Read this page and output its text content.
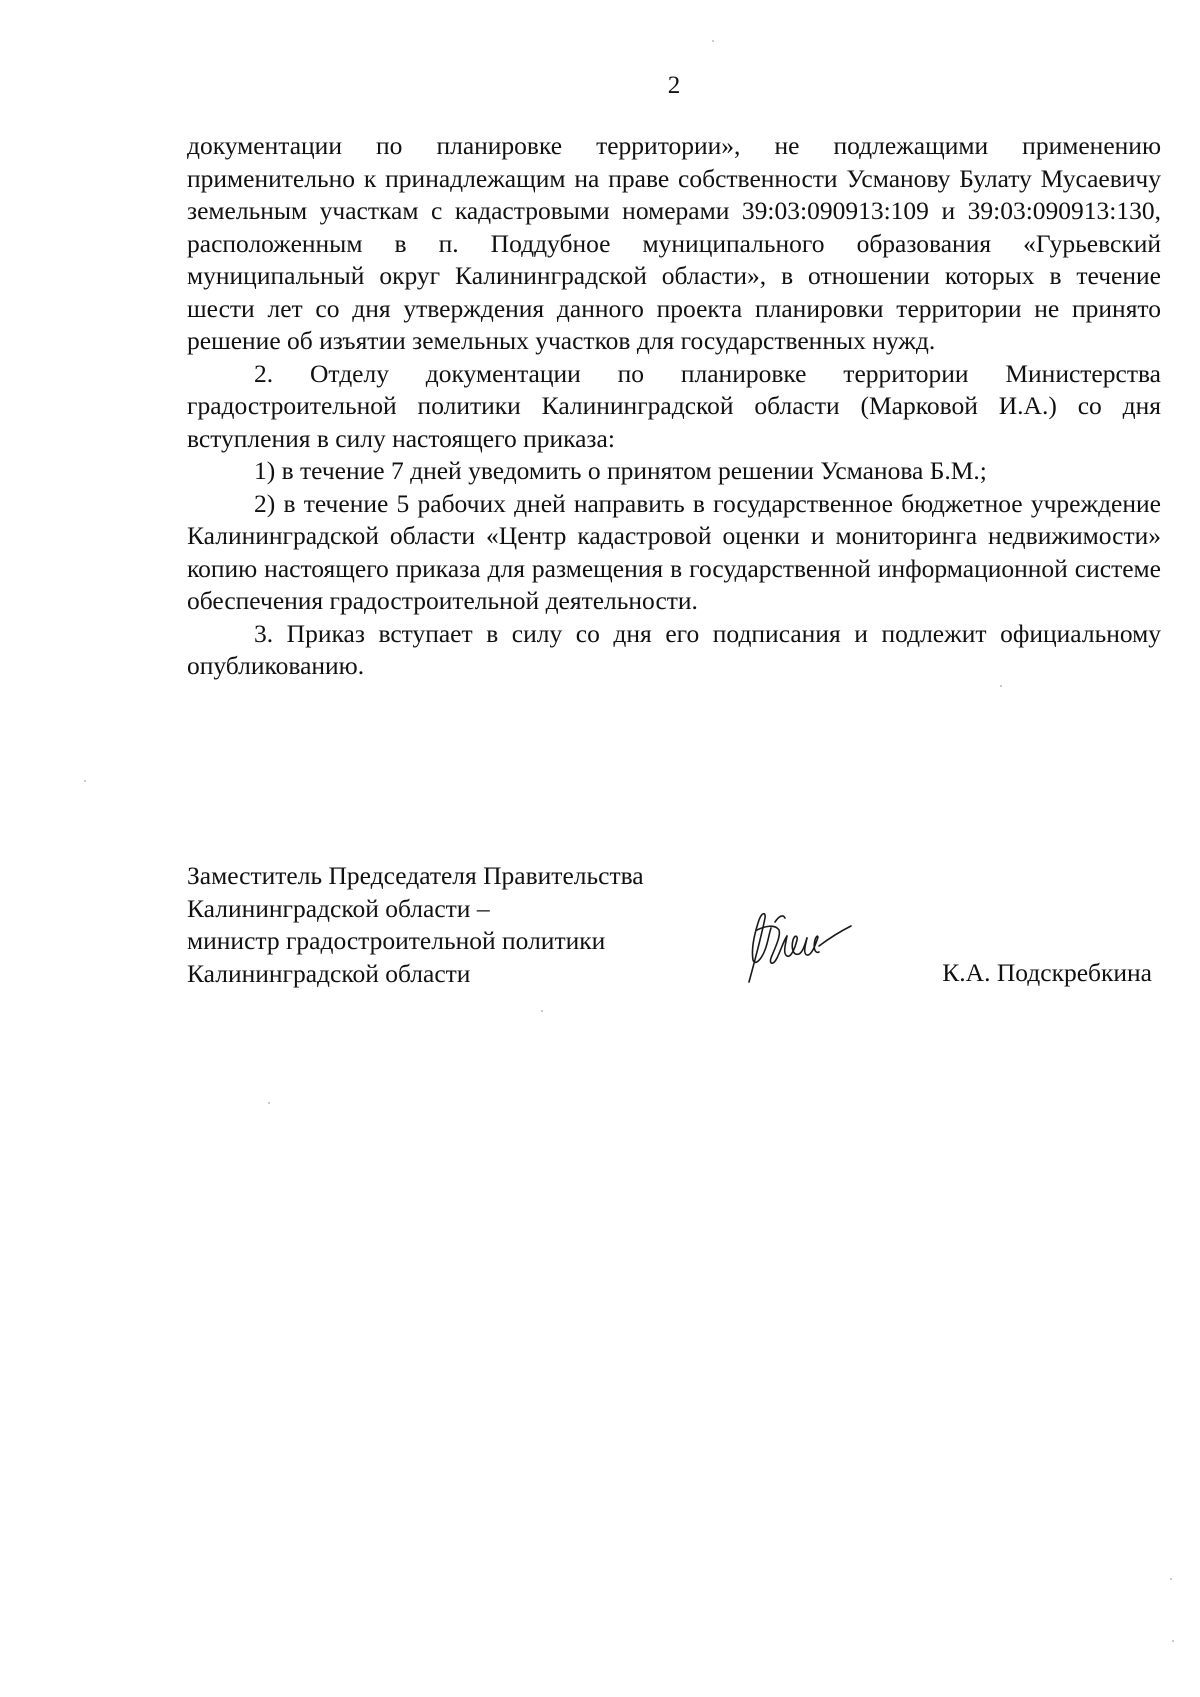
2

документации по планировке территории», не подлежащими применению применительно к принадлежащим на праве собственности Усманову Булату Мусаевичу земельным участкам с кадастровыми номерами 39:03:090913:109 и 39:03:090913:130, расположенным в п. Поддубное муниципального образования «Гурьевский муниципальный округ Калининградской области», в отношении которых в течение шести лет со дня утверждения данного проекта планировки территории не принято решение об изъятии земельных участков для государственных нужд.

2. Отделу документации по планировке территории Министерства градостроительной политики Калининградской области (Марковой И.А.) со дня вступления в силу настоящего приказа:

1) в течение 7 дней уведомить о принятом решении Усманова Б.М.;

2) в течение 5 рабочих дней направить в государственное бюджетное учреждение Калининградской области «Центр кадастровой оценки и мониторинга недвижимости» копию настоящего приказа для размещения в государственной информационной системе обеспечения градостроительной деятельности.

3. Приказ вступает в силу со дня его подписания и подлежит официальному опубликованию.

Заместитель Председателя Правительства
Калининградской области –
министр градостроительной политики
Калининградской области	К.А. Подскребкина
